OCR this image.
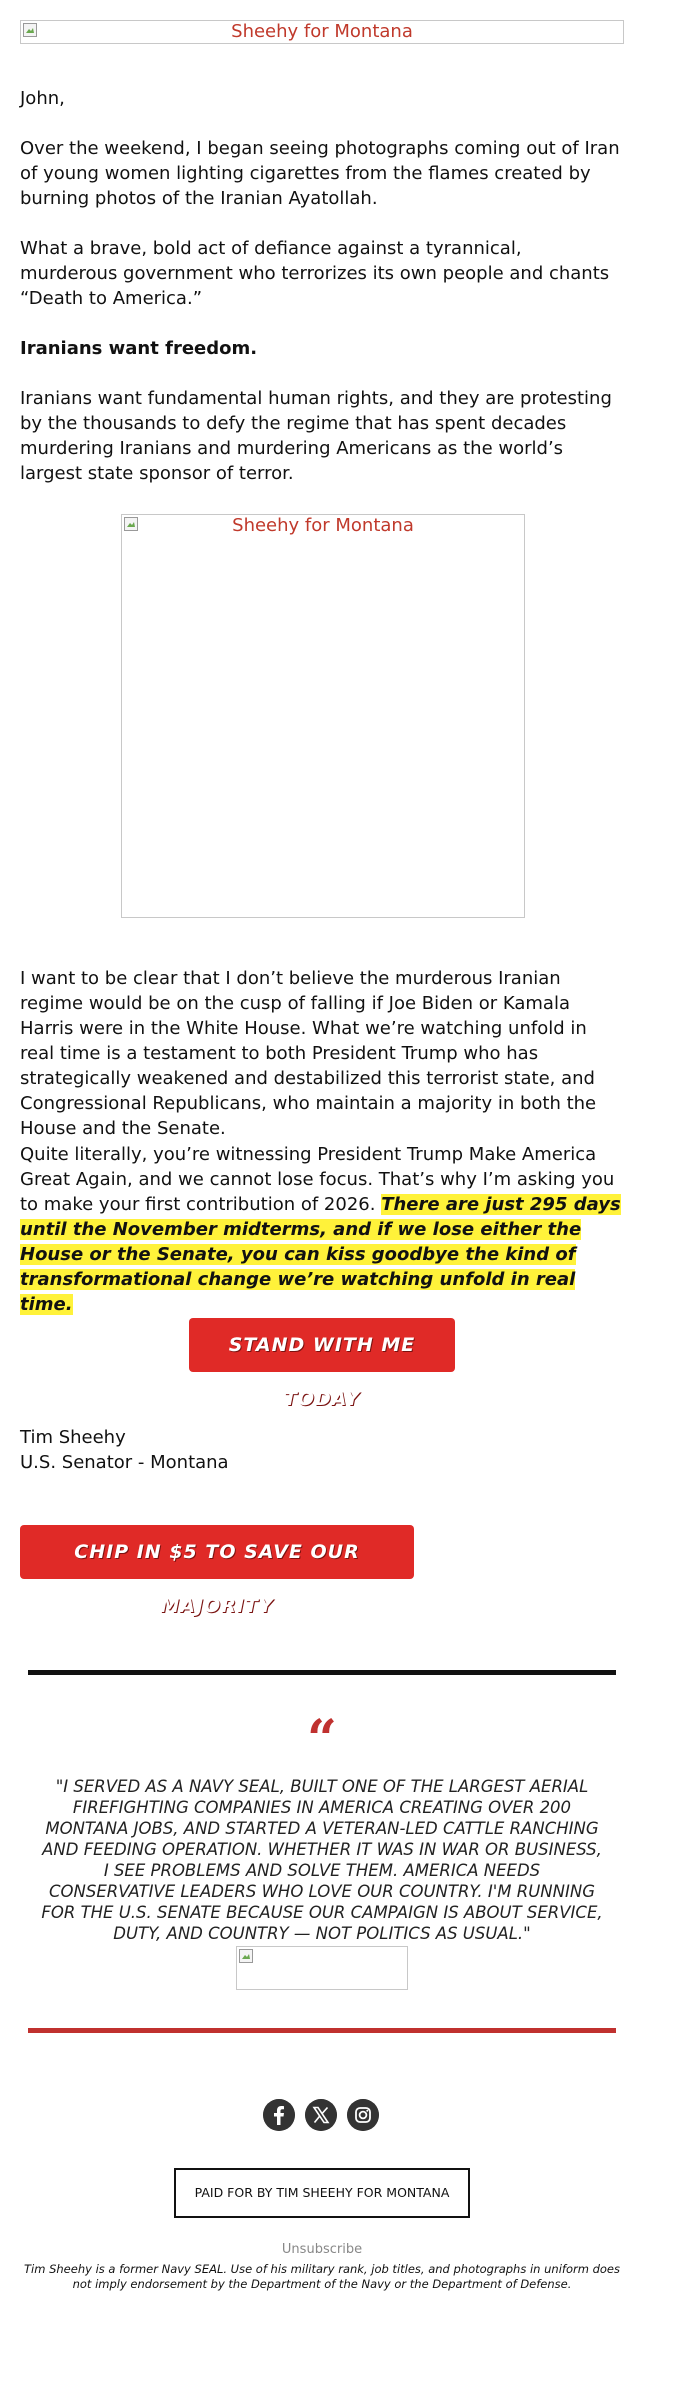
Sheehy for Montana

John,

Over the weekend, I began seeing photographs coming out of Iran of young women lighting cigarettes from the flames created by burning photos of the Iranian Ayatollah.

What a brave, bold act of defiance against a tyrannical, murderous government who terrorizes its own people and chants “Death to America.”

Iranians want freedom.

Iranians want fundamental human rights, and they are protesting by the thousands to defy the regime that has spent decades murdering Iranians and murdering Americans as the world’s largest state sponsor of terror.

Sheehy for Montana

I want to be clear that I don’t believe the murderous Iranian regime would be on the cusp of falling if Joe Biden or Kamala Harris were in the White House. What we’re watching unfold in real time is a testament to both President Trump who has strategically weakened and destabilized this terrorist state, and Congressional Republicans, who maintain a majority in both the House and the Senate.

Quite literally, you’re witnessing President Trump Make America Great Again, and we cannot lose focus. That’s why I’m asking you to make your first contribution of 2026. There are just 295 days until the November midterms, and if we lose either the House or the Senate, you can kiss goodbye the kind of transformational change we’re watching unfold in real time.

STAND WITH ME TODAY

Tim Sheehy

U.S. Senator - Montana

CHIP IN $5 TO SAVE OUR MAJORITY
“
"I SERVED AS A NAVY SEAL, BUILT ONE OF THE LARGEST AERIAL FIREFIGHTING COMPANIES IN AMERICA CREATING OVER 200 MONTANA JOBS, AND STARTED A VETERAN-LED CATTLE RANCHING AND FEEDING OPERATION. WHETHER IT WAS IN WAR OR BUSINESS, I SEE PROBLEMS AND SOLVE THEM. AMERICA NEEDS CONSERVATIVE LEADERS WHO LOVE OUR COUNTRY. I'M RUNNING FOR THE U.S. SENATE BECAUSE OUR CAMPAIGN IS ABOUT SERVICE, DUTY, AND COUNTRY — NOT POLITICS AS USUAL."
PAID FOR BY TIM SHEEHY FOR MONTANA
Unsubscribe
Tim Sheehy is a former Navy SEAL. Use of his military rank, job titles, and photographs in uniform does not imply endorsement by the Department of the Navy or the Department of Defense.
